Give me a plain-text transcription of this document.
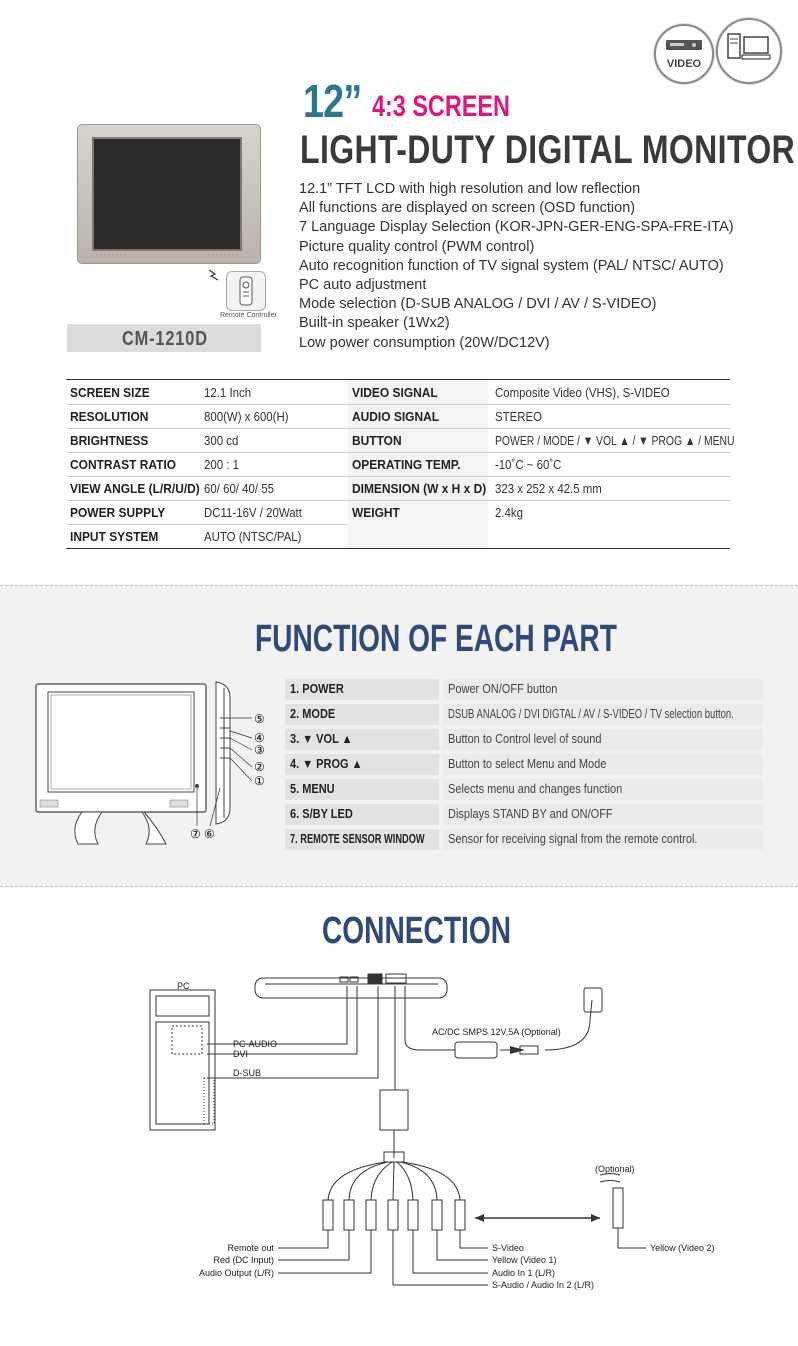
VIDEO
12” 4:3 SCREEN
LIGHT-DUTY DIGITAL MONITOR
12.1” TFT LCD with high resolution and low reflection
All functions are displayed on screen (OSD function)
7 Language Display Selection (KOR-JPN-GER-ENG-SPA-FRE-ITA)
Picture quality control (PWM control)
Auto recognition function of TV signal system (PAL/ NTSC/ AUTO)
PC auto adjustment
Mode selection (D-SUB ANALOG / DVI / AV / S-VIDEO)
Built-in speaker (1Wx2)
Low power consumption (20W/DC12V)
Remote Controller
CM-1210D
SCREEN SIZE	12.1 Inch
RESOLUTION	800(W) x 600(H)
BRIGHTNESS	300 cd
CONTRAST RATIO 200 : 1
VIEW ANGLE (L/R/U/D) 60/ 60/ 40/ 55
POWER SUPPLY	DC11-16V / 20Watt
INPUT SYSTEM	AUTO (NTSC/PAL)
VIDEO SIGNAL	Composite Video (VHS), S-VIDEO
AUDIO SIGNAL	STEREO
BUTTON	POWER / MODE / ▼ VOL ▲ / ▼ PROG ▲ / MENU
OPERATING TEMP.	-10˚C ~ 60˚C
DIMENSION (W x H x D) 323 x 252 x 42.5 mm
WEIGHT	2.4kg
FUNCTION OF EACH PART
⑤
④
③
②
①
⑦ ⑥
1. POWER	Power ON/OFF button
2. MODE	DSUB ANALOG / DVI DIGTAL / AV / S-VIDEO / TV selection button.
3. ▼ VOL ▲	Button to Control level of sound
4. ▼ PROG ▲	Button to select Menu and Mode
5. MENU	Selects menu and changes function
6. S/BY LED	Displays STAND BY and ON/OFF
7. REMOTE SENSOR WINDOW	Sensor for receiving signal from the remote control.
CONNECTION
PC
PC-AUDIO
DVI
D-SUB
AC/DC SMPS 12V,5A (Optional)
(Optional)
Remote out
Red (DC Input)
Audio Output (L/R)
S-Video
Yellow (Video 1)
Audio In 1 (L/R)
S-Audio / Audio In 2 (L/R)
Yellow (Video 2)
